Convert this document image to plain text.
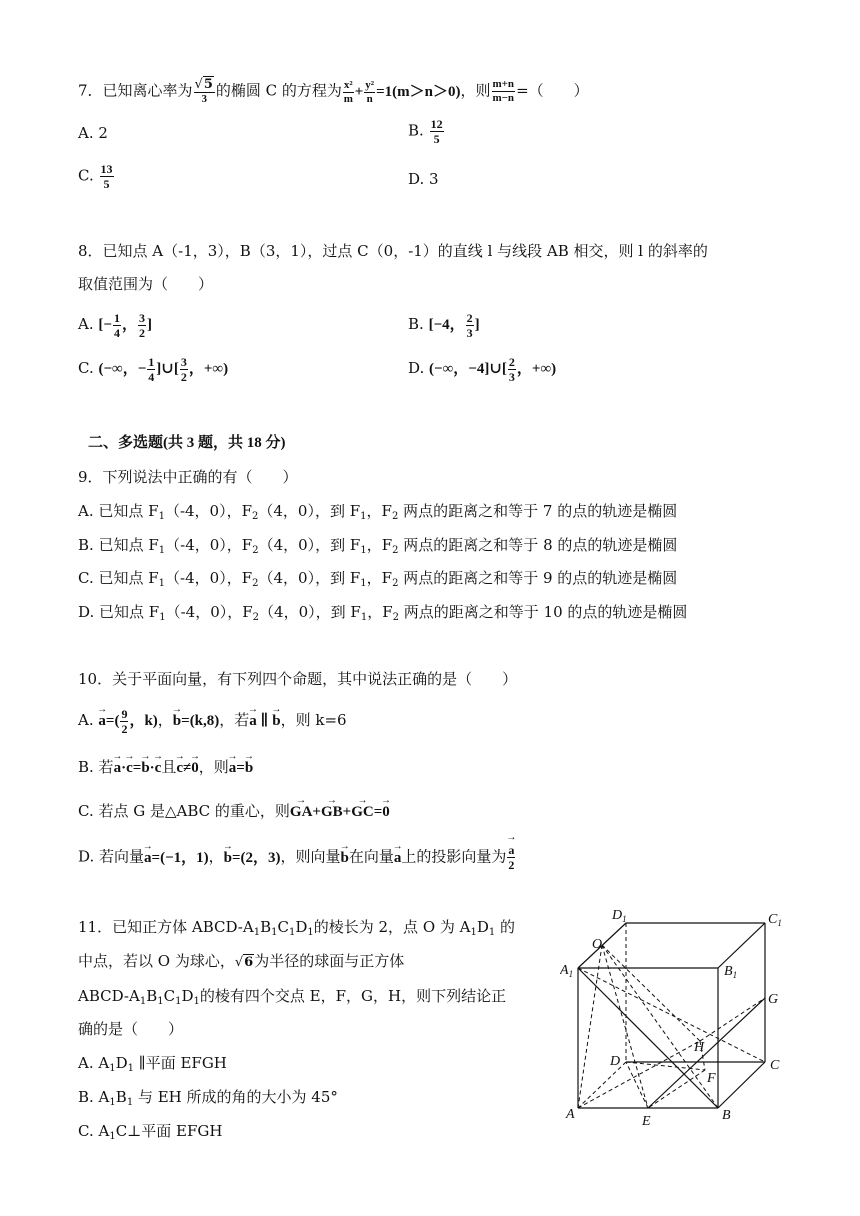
7．已知离心率为 $\frac{√5}{3}$ 的椭圆 C 的方程为 $\frac{\text{x²}}{m} + \frac{\text{y²}}{n} =1(m>n>0)$，则 $\frac{m+n}{m-n}$ =（　　）
A. 2	B. $\frac{12}{5}$
C. $\frac{13}{5}$	D. 3
8．已知点 A（-1，3），B（3，1），过点 C（0，-1）的直线 l 与线段 AB 相交，则 l 的斜率的
取值范围为（　　）
A. [− $\frac{1}{4}$ ， $\frac{3}{2}$ ]	B. [−4， $\frac{2}{3}$ ]
C. (−∞，− $\frac{1}{4}$ ]∪[ $\frac{3}{2}$ ，+∞)	D. (−∞，−4]∪[ $\frac{2}{3}$ ，+∞)
二、多选题(共 3 题，共 18 分)
9．下列说法中正确的有（　　）
A. 已知点 $F_1(-4$，0），$F_2(4$，0），到 $F_1$，$F_2$ 两点的距离之和等于 7 的点的轨迹是椭圆
B. 已知点 $F_1(-4$，0），$F_2(4$，0），到 $F_1$，$F_2$ 两点的距离之和等于 8 的点的轨迹是椭圆
C. 已知点 $F_1(-4$，0），$F_2(4$，0），到 $F_1$，$F_2$ 两点的距离之和等于 9 的点的轨迹是椭圆
D. 已知点 $F_1(-4$，0），$F_2(4$，0），到 $F_1$，$F_2$ 两点的距离之和等于 10 的点的轨迹是椭圆
10．关于平面向量，有下列四个命题，其中说法正确的是（　　）
A. → $a=( \frac{9}{2}$ ，k)，→ b=(k,8)，若→ a ∥ → b，则 k=6
B. 若→ a·→ c=→ b·→ c且→ c≠→ 0，则→ a=→ b
C. 若点 G 是△ABC 的重心，则→ GA+→ GB+→ GC=→ 0
D. 若向量→ a=(−1，1)，→ b=(2，3)，则向量→ b在向量→ a上的投影向量为 → $\frac{a}{2}$
11．已知正方体 ABCD-$A_1B_1C_1D_1$的棱长为 2，点 O 为 $A_1D_1$ 的
中点，若以 O 为球心，√6为半径的球面与正方体
ABCD-$A_1B_1C_1D_1$的棱有四个交点 E，F，G，H，则下列结论正
确的是（　　）
A. $A_1D_1$ ∥平面 EFGH
B. $A_1B_1$ 与 EH 所成的角的大小为 45°
C. $A_1C\perp$平面 EFGH
$D_1$	$C_1$
O
$A_1$	$B_1$
G
H
D	C
F
A	E	B
